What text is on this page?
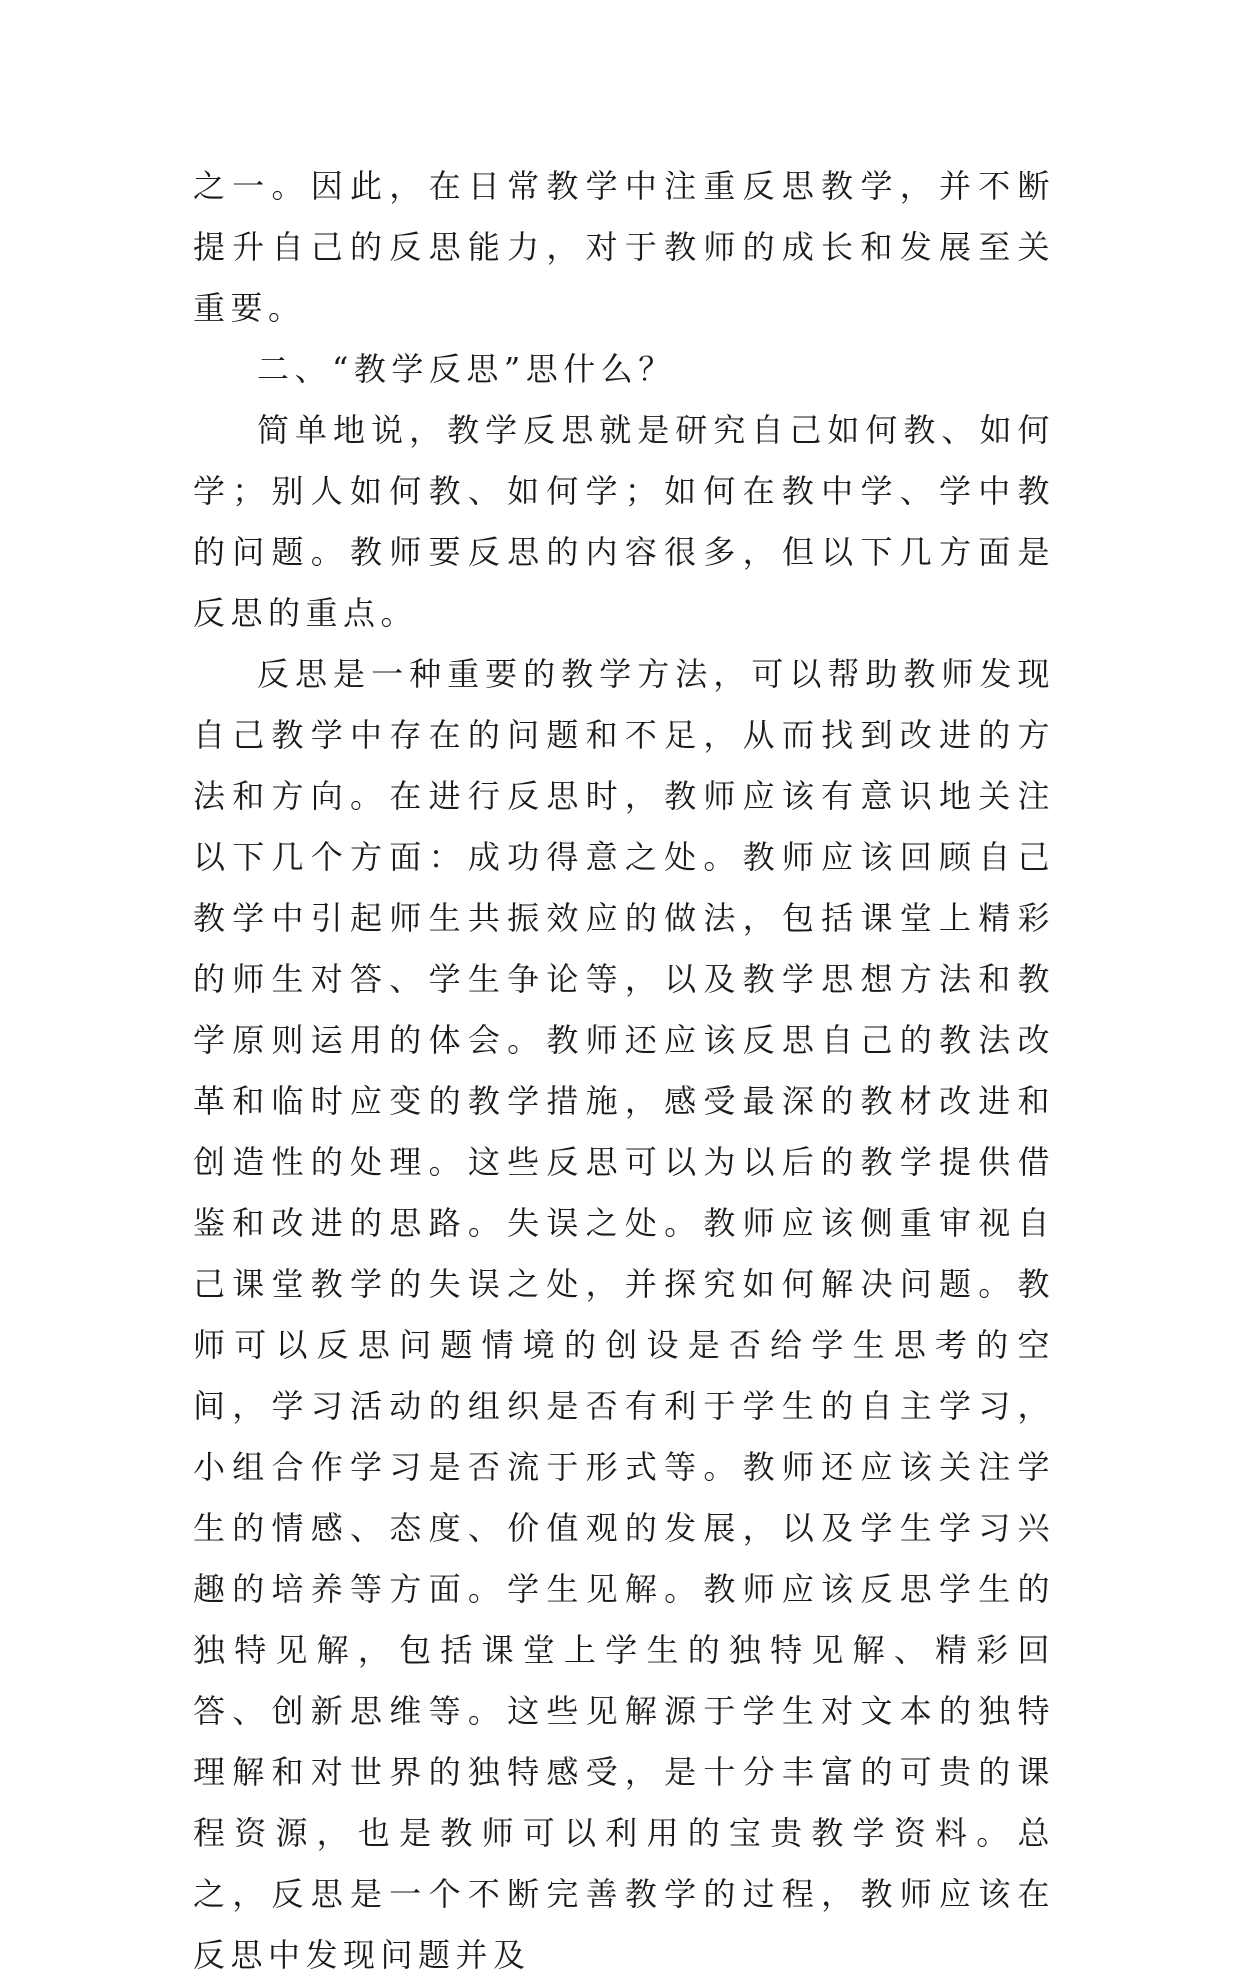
之一。因此，在日常教学中注重反思教学，并不断提升自己的反思能力，对于教师的成长和发展至关重要。

二、“教学反思”思什么？

简单地说，教学反思就是研究自己如何教、如何学；别人如何教、如何学；如何在教中学、学中教的问题。教师要反思的内容很多，但以下几方面是反思的重点。

反思是一种重要的教学方法，可以帮助教师发现自己教学中存在的问题和不足，从而找到改进的方法和方向。在进行反思时，教师应该有意识地关注以下几个方面：成功得意之处。教师应该回顾自己教学中引起师生共振效应的做法，包括课堂上精彩的师生对答、学生争论等，以及教学思想方法和教学原则运用的体会。教师还应该反思自己的教法改革和临时应变的教学措施，感受最深的教材改进和创造性的处理。这些反思可以为以后的教学提供借鉴和改进的思路。失误之处。教师应该侧重审视自己课堂教学的失误之处，并探究如何解决问题。教师可以反思问题情境的创设是否给学生思考的空间，学习活动的组织是否有利于学生的自主学习，小组合作学习是否流于形式等。教师还应该关注学生的情感、态度、价值观的发展，以及学生学习兴趣的培养等方面。学生见解。教师应该反思学生的独特见解，包括课堂上学生的独特见解、精彩回答、创新思维等。这些见解源于学生对文本的独特理解和对世界的独特感受，是十分丰富的可贵的课程资源，也是教师可以利用的宝贵教学资料。总之，反思是一个不断完善教学的过程，教师应该在反思中发现问题并及
